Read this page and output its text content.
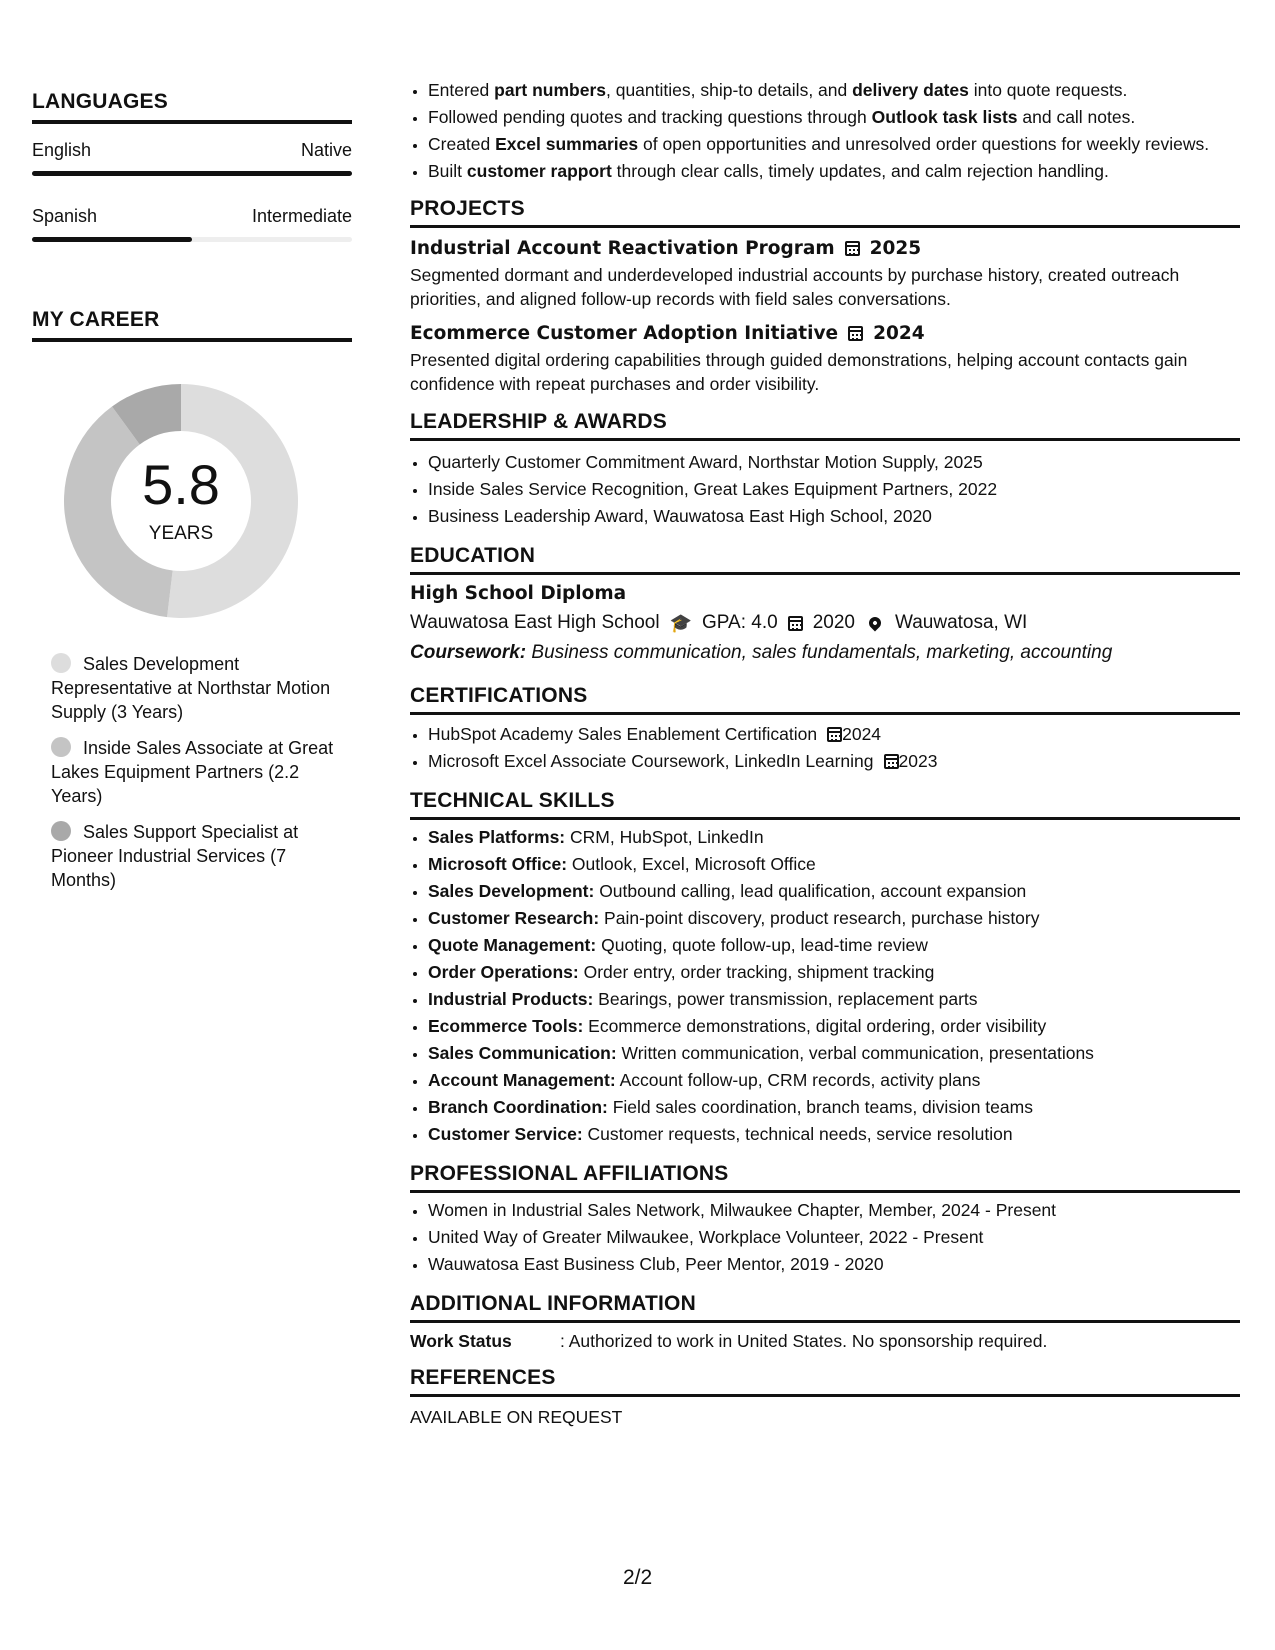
LANGUAGES
English	Native
Spanish	Intermediate
MY CAREER
5.8
YEARS
Sales Development Representative at Northstar Motion Supply (3 Years)
Inside Sales Associate at Great Lakes Equipment Partners (2.2 Years)
Sales Support Specialist at Pioneer Industrial Services (7 Months)
• Entered part numbers, quantities, ship-to details, and delivery dates into quote requests.
• Followed pending quotes and tracking questions through Outlook task lists and call notes.
• Created Excel summaries of open opportunities and unresolved order questions for weekly reviews.
• Built customer rapport through clear calls, timely updates, and calm rejection handling.
PROJECTS
Industrial Account Reactivation Program 2025
Segmented dormant and underdeveloped industrial accounts by purchase history, created outreach priorities, and aligned follow-up records with field sales conversations.
Ecommerce Customer Adoption Initiative 2024
Presented digital ordering capabilities through guided demonstrations, helping account contacts gain confidence with repeat purchases and order visibility.
LEADERSHIP & AWARDS
• Quarterly Customer Commitment Award, Northstar Motion Supply, 2025
• Inside Sales Service Recognition, Great Lakes Equipment Partners, 2022
• Business Leadership Award, Wauwatosa East High School, 2020
EDUCATION
High School Diploma
Wauwatosa East High School 🎓 GPA: 4.0 2020 Wauwatosa, WI
Coursework: Business communication, sales fundamentals, marketing, accounting
CERTIFICATIONS
• HubSpot Academy Sales Enablement Certification 2024
• Microsoft Excel Associate Coursework, LinkedIn Learning 2023
TECHNICAL SKILLS
• Sales Platforms: CRM, HubSpot, LinkedIn
• Microsoft Office: Outlook, Excel, Microsoft Office
• Sales Development: Outbound calling, lead qualification, account expansion
• Customer Research: Pain-point discovery, product research, purchase history
• Quote Management: Quoting, quote follow-up, lead-time review
• Order Operations: Order entry, order tracking, shipment tracking
• Industrial Products: Bearings, power transmission, replacement parts
• Ecommerce Tools: Ecommerce demonstrations, digital ordering, order visibility
• Sales Communication: Written communication, verbal communication, presentations
• Account Management: Account follow-up, CRM records, activity plans
• Branch Coordination: Field sales coordination, branch teams, division teams
• Customer Service: Customer requests, technical needs, service resolution
PROFESSIONAL AFFILIATIONS
• Women in Industrial Sales Network, Milwaukee Chapter, Member, 2024 - Present
• United Way of Greater Milwaukee, Workplace Volunteer, 2022 - Present
• Wauwatosa East Business Club, Peer Mentor, 2019 - 2020
ADDITIONAL INFORMATION
Work Status	: Authorized to work in United States. No sponsorship required.
REFERENCES
AVAILABLE ON REQUEST
2/2
